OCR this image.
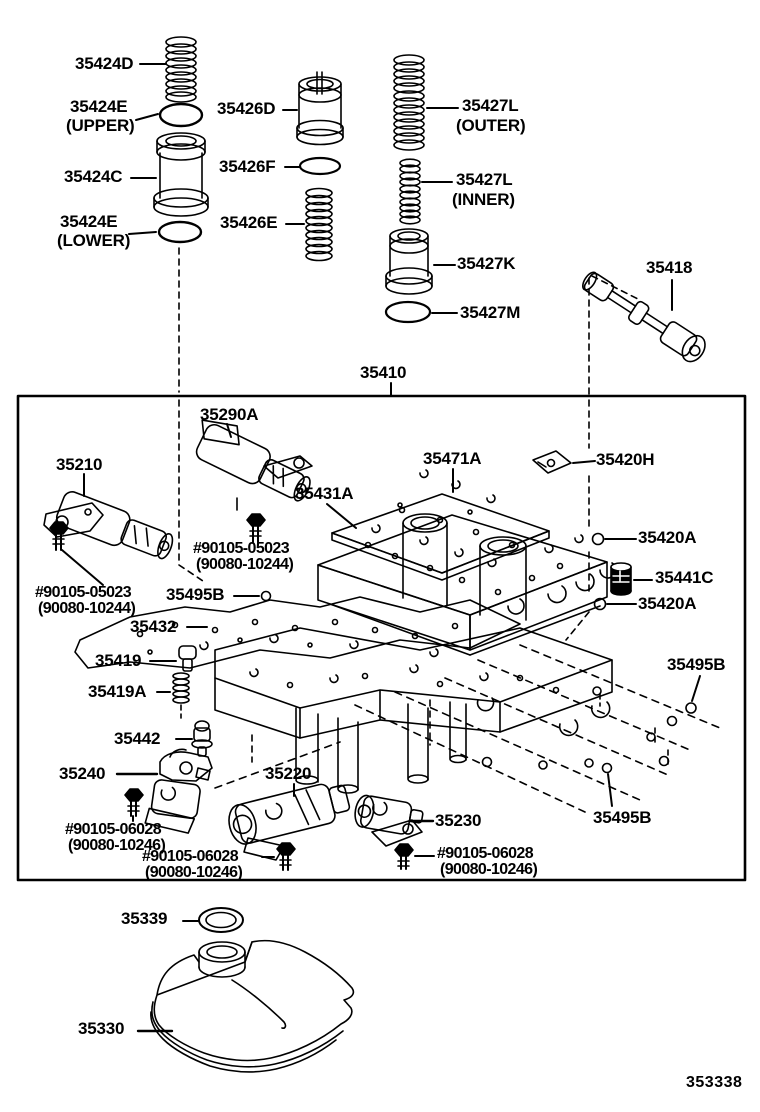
35424D
35424E
(UPPER)
35426D
35424C
35426F
35424E
(LOWER)
35426E
35427L
(OUTER)
35427L
(INNER)
35427K
35427M
35418
35410
35290A
35210
35431A
35471A	35420H
#90105-05023
(90080-10244)
#90105-05023
(90080-10244)
35495B
35432
35419
35419A
35442
35240	35220
35420A
35441C
35420A
35495B
35495B
35230
#90105-06028
(90080-10246)
#90105-06028
(90080-10246)
#90105-06028
(90080-10246)
35339
35330
353338
